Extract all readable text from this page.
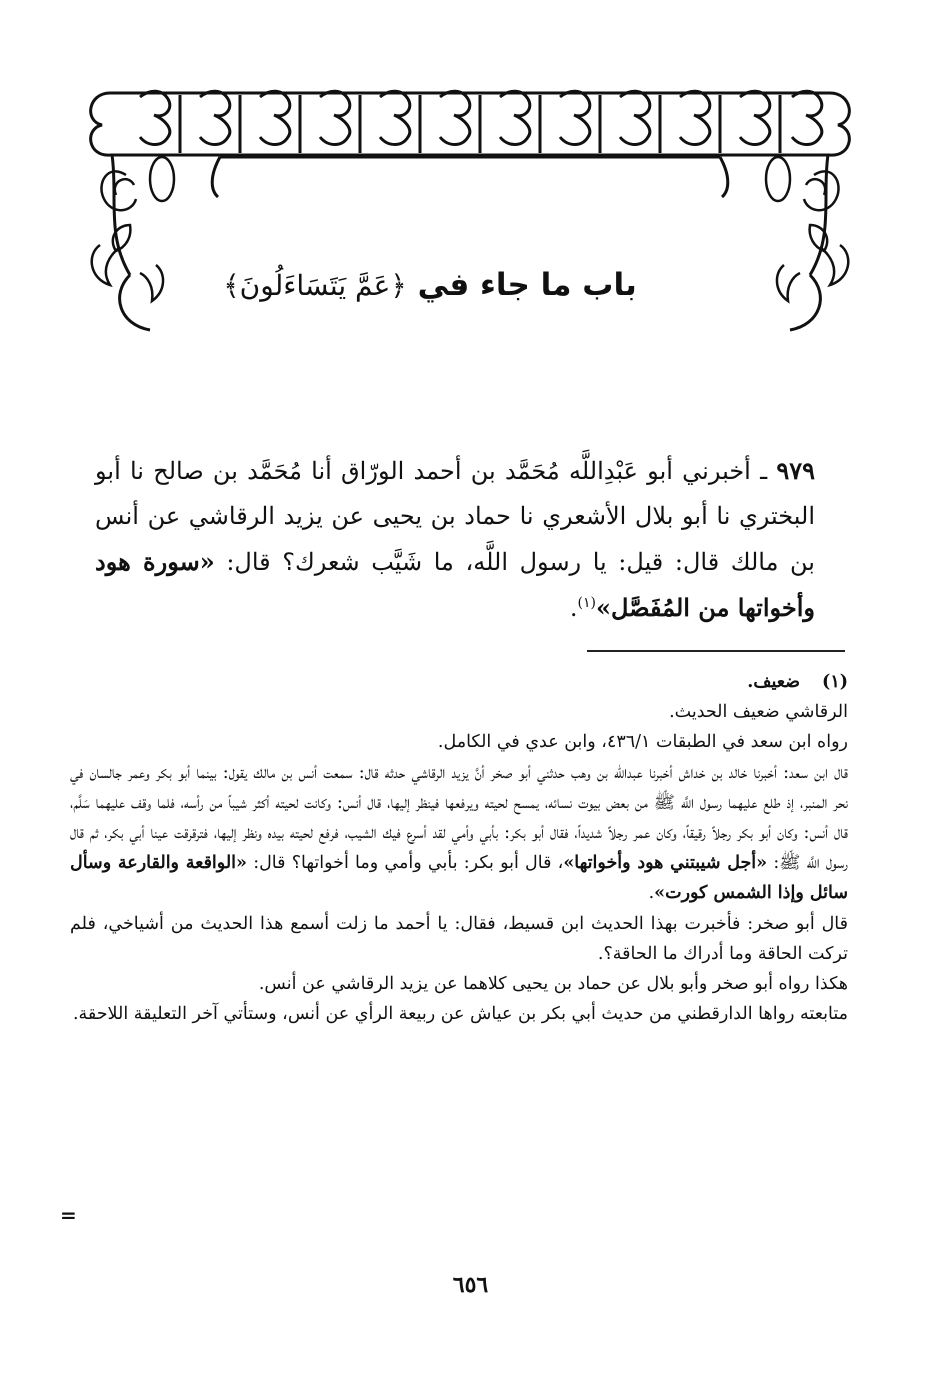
باب ما جاء في ﴿عَمَّ يَتَسَاءَلُونَ﴾

٩٧٩ ـ أخبرني أبو عَبْدِاللَّه مُحَمَّد بن أحمد الورّاق أنا مُحَمَّد بن صالح نا أبو البختري نا أبو بلال الأشعري نا حماد بن يحيى عن يزيد الرقاشي عن أنس بن مالك قال: قيل: يا رسول اللَّه، ما شَيَّب شعرك؟ قال: «سورة هود وأخواتها من المُفَصَّل»$^{(١)}$.

(١)ضعيف.

الرقاشي ضعيف الحديث.

رواه ابن سعد في الطبقات ٤٣٦/١، وابن عدي في الكامل.

قال ابن سعد: أخبرنا خالد بن خداش أخبرنا عبدالله بن وهب حدثني أبو صخر أنَّ يزيد الرقاشي حدثه قال: سمعت أنس بن مالك يقول: بينما أبو بكر وعمر جالسان في نحر المنبر، إذ طلع عليهما رسول اللَّه ﷺ من بعض بيوت نسائه، يمسح لحيته ويرفعها فينظر إليها، قال أنس: وكانت لحيته أكثر شيباً من رأسه، فلما وقف عليهما سَلَّم، قال أنس: وكان أبو بكر رجلاً رقيقاً، وكان عمر رجلاً شديداً، فقال أبو بكر: بأبي وأمي لقد أسرع فيك الشيب، فرفع لحيته بيده ونظر إليها، فترقرقت عينا أبي بكر، ثم قال رسول اللَّه ﷺ: «أجل شيبتني هود وأخواتها»، قال أبو بكر: بأبي وأمي وما أخواتها؟ قال: «الواقعة والقارعة وسأل سائل وإذا الشمس كورت».

قال أبو صخر: فأخبرت بهذا الحديث ابن قسيط، فقال: يا أحمد ما زلت أسمع هذا الحديث من أشياخي، فلم تركت الحاقة وما أدراك ما الحاقة؟.

هكذا رواه أبو صخر وأبو بلال عن حماد بن يحيى كلاهما عن يزيد الرقاشي عن أنس.

متابعته رواها الدارقطني من حديث أبي بكر بن عياش عن ربيعة الرأي عن أنس، وستأتي آخر التعليقة اللاحقة.

=
٦٥٦
